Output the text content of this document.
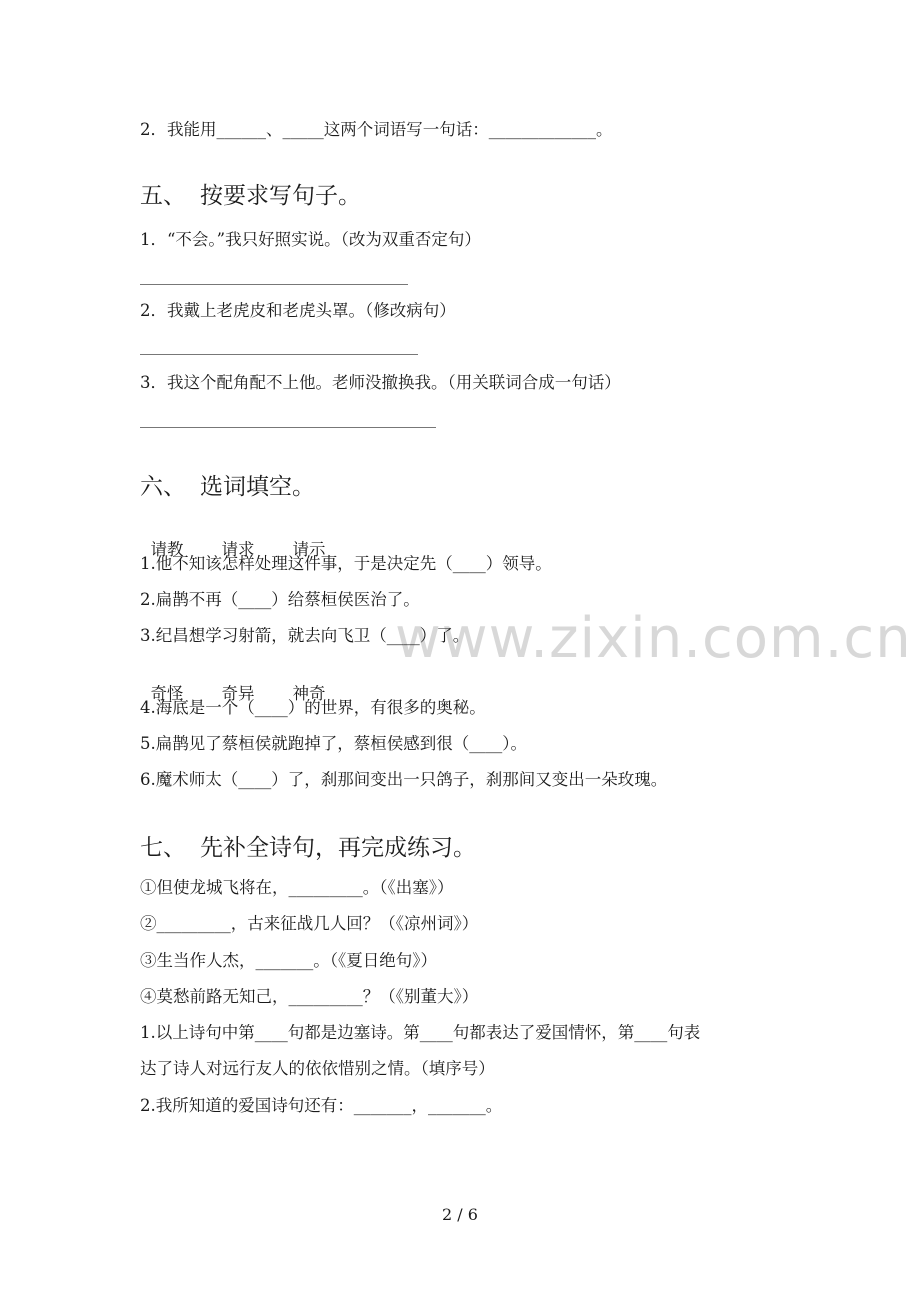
www.zixin.com.cn
2．我能用______、_____这两个词语写一句话：_____________。
五、 按要求写句子。
1．“不会。”我只好照实说。（改为双重否定句）
2．我戴上老虎皮和老虎头罩。（修改病句）
3．我这个配角配不上他。老师没撤换我。（用关联词合成一句话）
六、 选词填空。

请教 请求 请示

1.他不知该怎样处理这件事，于是决定先（____）领导。
2.扁鹊不再（____）给蔡桓侯医治了。
3.纪昌想学习射箭，就去向飞卫（____）了。

奇怪 奇异 神奇

4.海底是一个（____）的世界，有很多的奥秘。
5.扁鹊见了蔡桓侯就跑掉了，蔡桓侯感到很（____）。
6.魔术师太（____）了，刹那间变出一只鸽子，刹那间又变出一朵玫瑰。
七、 先补全诗句，再完成练习。
①但使龙城飞将在，_________。（《出塞》）
②_________，古来征战几人回？（《凉州词》）
③生当作人杰，_______。（《夏日绝句》）
④莫愁前路无知己，_________？（《别董大》）
1.以上诗句中第____句都是边塞诗。第____句都表达了爱国情怀，第____句表
达了诗人对远行友人的依依惜别之情。（填序号）
2.我所知道的爱国诗句还有：_______，_______。
2 / 6
